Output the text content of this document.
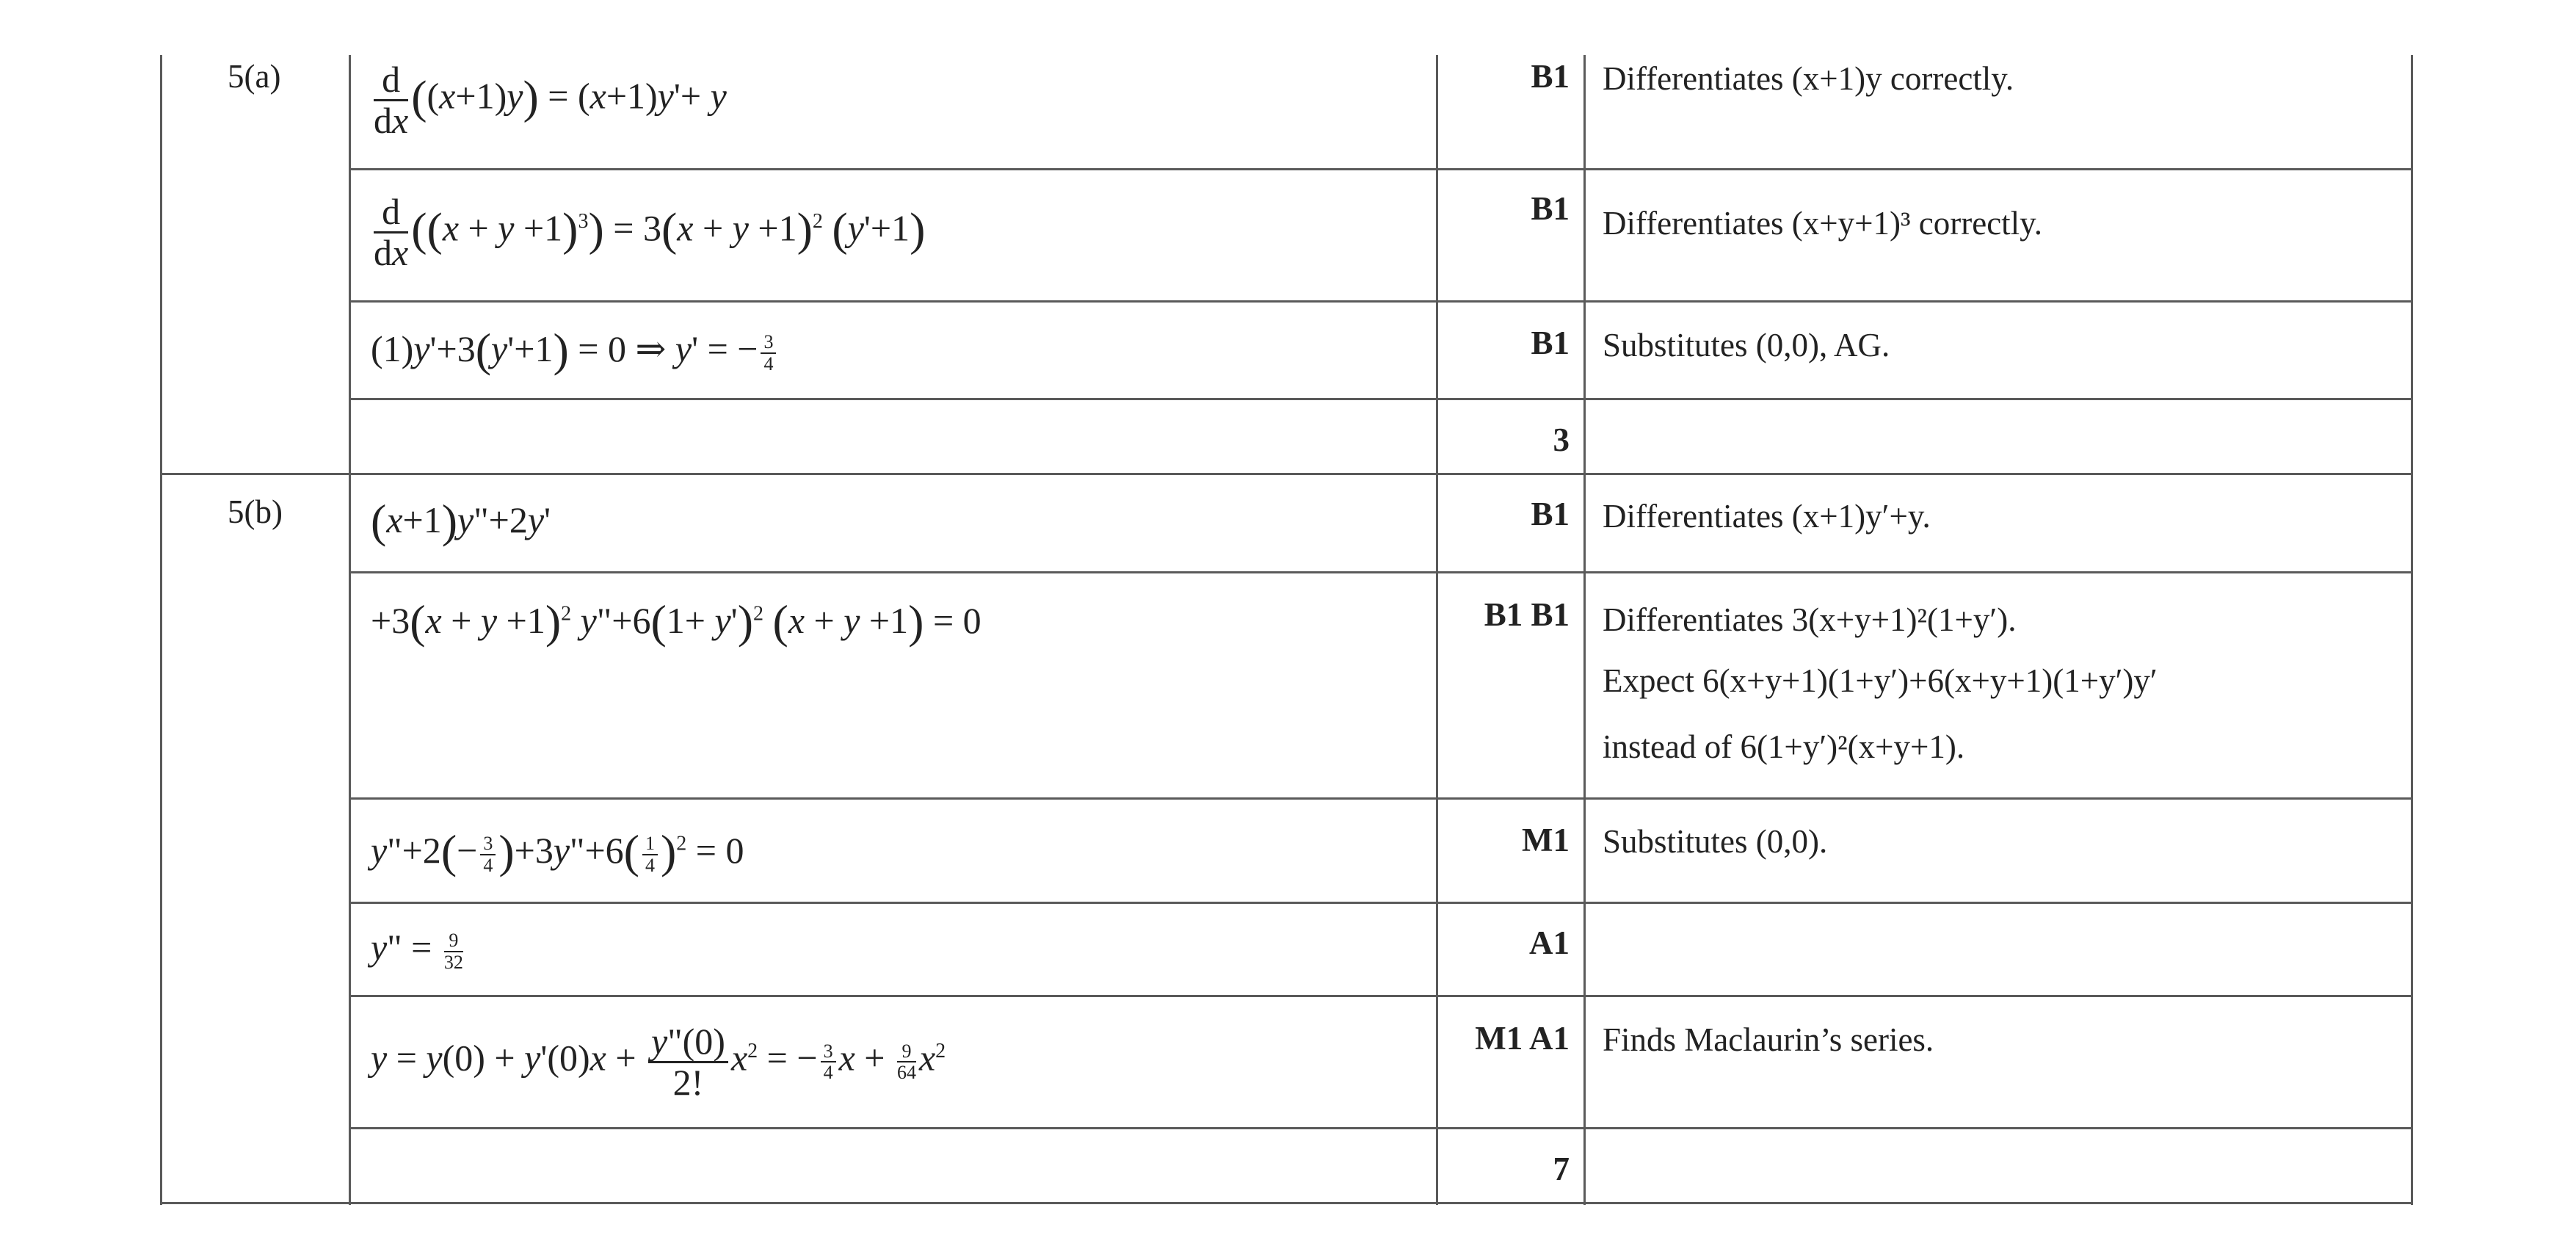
5(a)
5(b)
$\frac{d}{dx} ((x+1)y) = (x+1)y'+ y$
$\frac{d}{dx} ((x + y +1)^3) = 3(x + y +1)^2$ (y'+1)
(1)y'+3(y'+1) = 0 ⇒ y' = − $\frac{3}{4}$
(x+1)y"+2y'
$+3(x + y +1)^2$ y"+6(1+ y')$^2$ (x + y +1) = 0
y"+2(− $\frac{3}{4}$ )+3y"+6( $\frac{1}{4} )^2 = 0$
y" = $\frac{9}{32}$
$y = y(0) + y'(0)x + \frac{y"(0)}{2!} x^2$ = − $\frac{3}{4}$ $x + \frac{9}{64} x^2$
B1
B1
B1
3
B1
B1 B1
M1
A1
M1 A1
7
Differentiates (x+1)y correctly.
Differentiates (x+y+1)³ correctly.
Substitutes (0,0), AG.
Differentiates (x+1)y′+y.
Differentiates 3(x+y+1)²(1+y′).
Expect 6(x+y+1)(1+y′)+6(x+y+1)(1+y′)y′
instead of 6(1+y′)²(x+y+1).
Substitutes (0,0).
Finds Maclaurin’s series.
